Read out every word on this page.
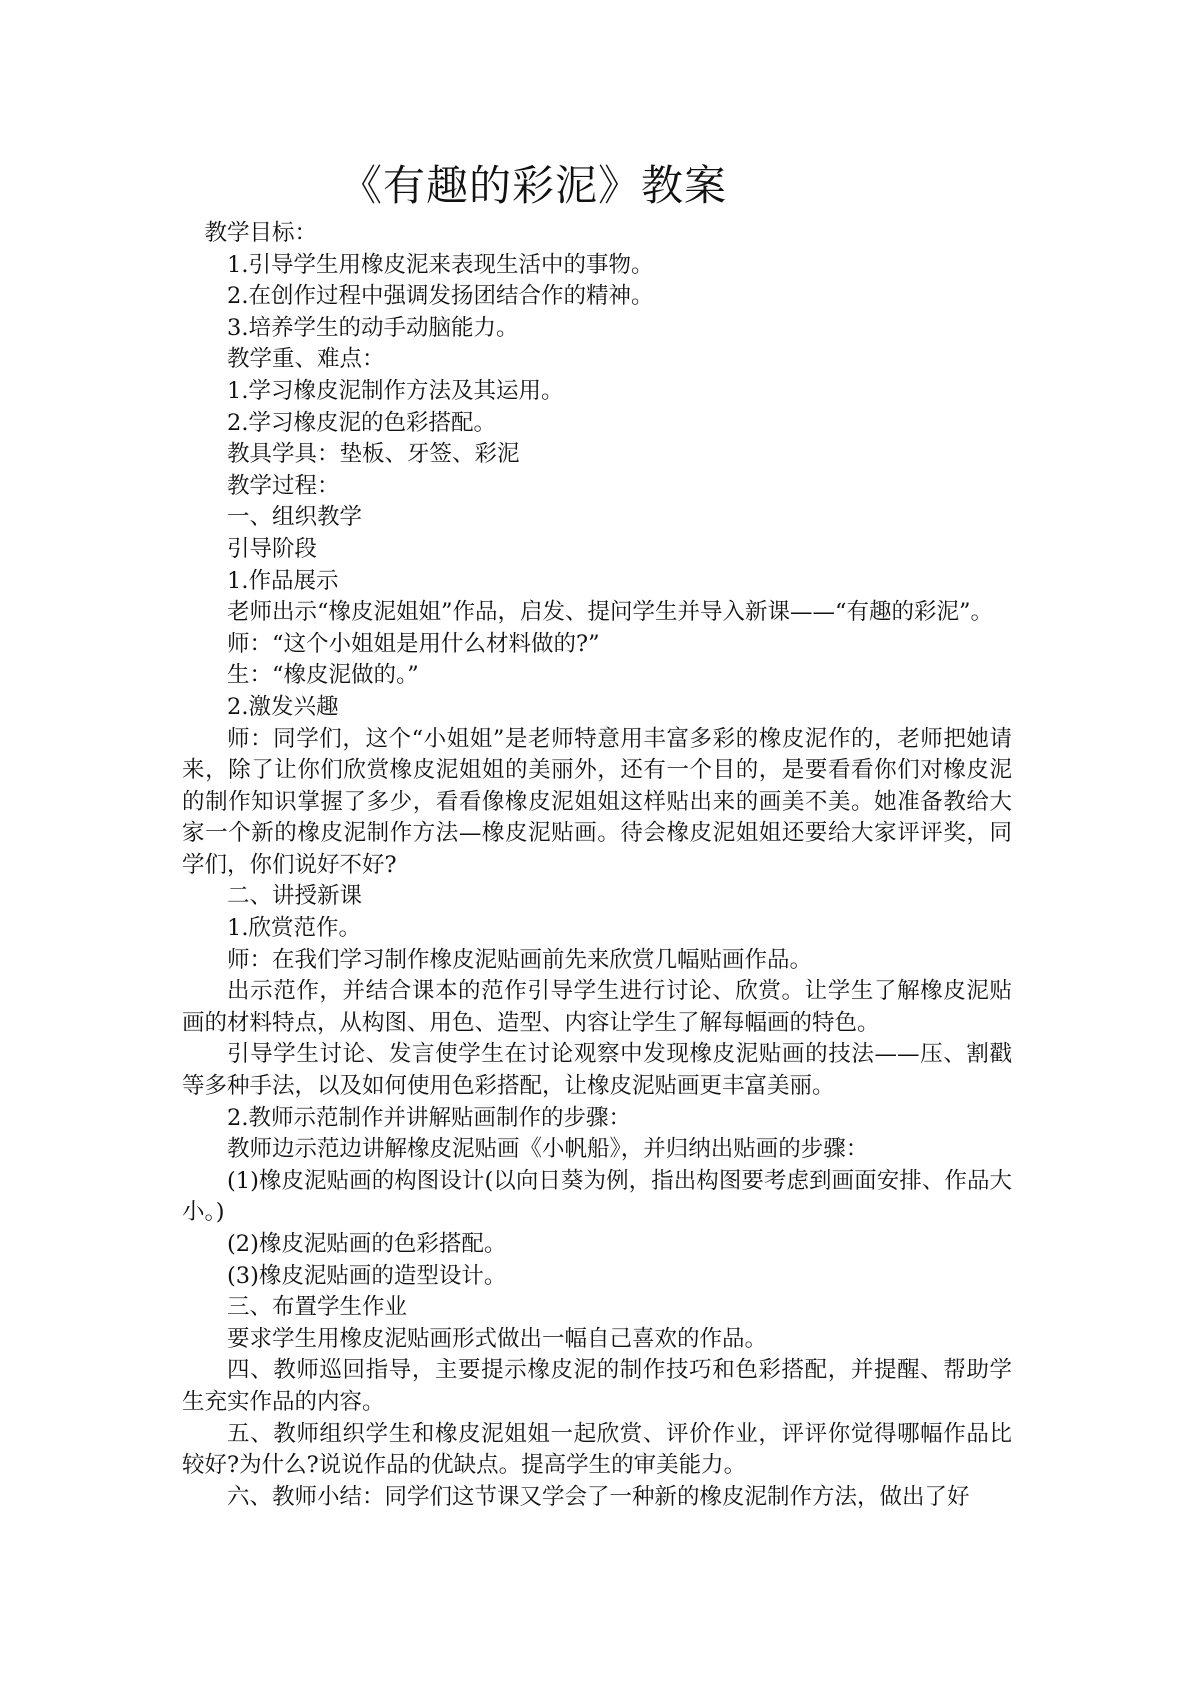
《有趣的彩泥》教案

教学目标：

1.引导学生用橡皮泥来表现生活中的事物。

2.在创作过程中强调发扬团结合作的精神。

3.培养学生的动手动脑能力。

教学重、难点：

1.学习橡皮泥制作方法及其运用。

2.学习橡皮泥的色彩搭配。

教具学具：垫板、牙签、彩泥

教学过程：

一、组织教学

引导阶段

1.作品展示

老师出示“橡皮泥姐姐”作品，启发、提问学生并导入新课——“有趣的彩泥”。

师：“这个小姐姐是用什么材料做的?”

生：“橡皮泥做的。”

2.激发兴趣

师：同学们，这个“小姐姐”是老师特意用丰富多彩的橡皮泥作的，老师把她请来，除了让你们欣赏橡皮泥姐姐的美丽外，还有一个目的，是要看看你们对橡皮泥的制作知识掌握了多少，看看像橡皮泥姐姐这样贴出来的画美不美。她准备教给大家一个新的橡皮泥制作方法—橡皮泥贴画。待会橡皮泥姐姐还要给大家评评奖，同学们，你们说好不好?

二、讲授新课

1.欣赏范作。

师：在我们学习制作橡皮泥贴画前先来欣赏几幅贴画作品。

出示范作，并结合课本的范作引导学生进行讨论、欣赏。让学生了解橡皮泥贴画的材料特点，从构图、用色、造型、内容让学生了解每幅画的特色。

引导学生讨论、发言使学生在讨论观察中发现橡皮泥贴画的技法——压、割戳等多种手法，以及如何使用色彩搭配，让橡皮泥贴画更丰富美丽。

2.教师示范制作并讲解贴画制作的步骤：

教师边示范边讲解橡皮泥贴画《小帆船》，并归纳出贴画的步骤：

(1)橡皮泥贴画的构图设计(以向日葵为例，指出构图要考虑到画面安排、作品大小。)

(2)橡皮泥贴画的色彩搭配。

(3)橡皮泥贴画的造型设计。

三、布置学生作业

要求学生用橡皮泥贴画形式做出一幅自己喜欢的作品。

四、教师巡回指导，主要提示橡皮泥的制作技巧和色彩搭配，并提醒、帮助学生充实作品的内容。

五、教师组织学生和橡皮泥姐姐一起欣赏、评价作业，评评你觉得哪幅作品比较好?为什么?说说作品的优缺点。提高学生的审美能力。

六、教师小结：同学们这节课又学会了一种新的橡皮泥制作方法，做出了好
